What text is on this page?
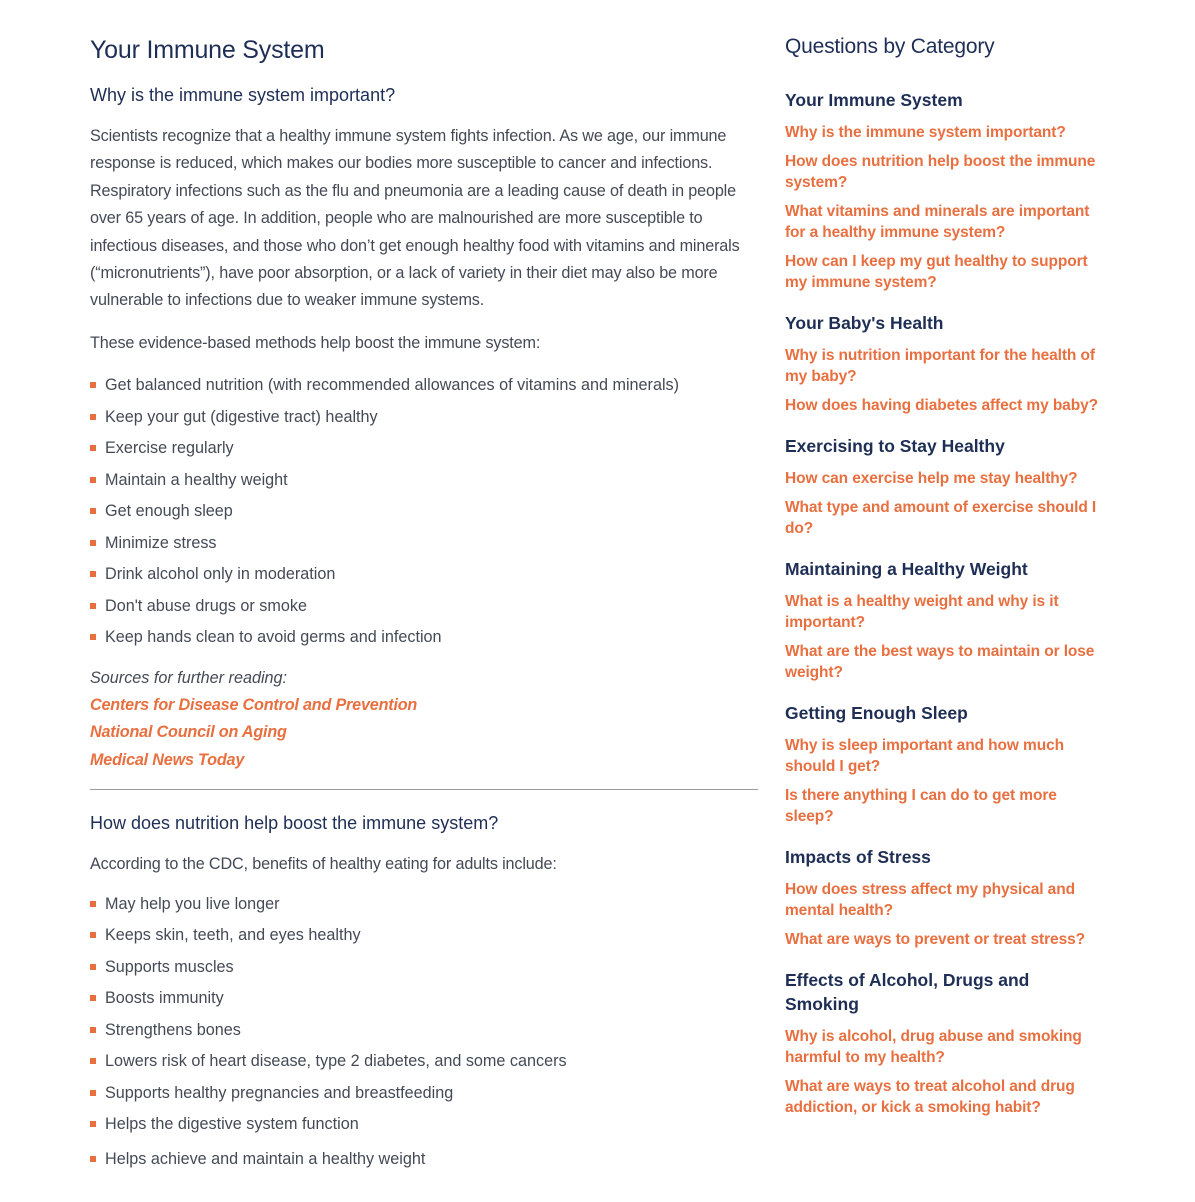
Your Immune System
Why is the immune system important?

Scientists recognize that a healthy immune system fights infection. As we age, our immune response is reduced, which makes our bodies more susceptible to cancer and infections. Respiratory infections such as the flu and pneumonia are a leading cause of death in people over 65 years of age. In addition, people who are malnourished are more susceptible to infectious diseases, and those who don’t get enough healthy food with vitamins and minerals (“micronutrients”), have poor absorption, or a lack of variety in their diet may also be more vulnerable to infections due to weaker immune systems.

These evidence-based methods help boost the immune system:

Get balanced nutrition (with recommended allowances of vitamins and minerals)
Keep your gut (digestive tract) healthy
Exercise regularly
Maintain a healthy weight
Get enough sleep
Minimize stress
Drink alcohol only in moderation
Don't abuse drugs or smoke
Keep hands clean to avoid germs and infection

Sources for further reading:

Centers for Disease Control and Prevention
National Council on Aging
Medical News Today
How does nutrition help boost the immune system?

According to the CDC, benefits of healthy eating for adults include:

May help you live longer
Keeps skin, teeth, and eyes healthy
Supports muscles
Boosts immunity
Strengthens bones
Lowers risk of heart disease, type 2 diabetes, and some cancers
Supports healthy pregnancies and breastfeeding
Helps the digestive system function
Helps achieve and maintain a healthy weight
Questions by Category
Your Immune System
Why is the immune system important?
How does nutrition help boost the immune system?
What vitamins and minerals are important for a healthy immune system?
How can I keep my gut healthy to support my immune system?
Your Baby's Health
Why is nutrition important for the health of my baby?
How does having diabetes affect my baby?
Exercising to Stay Healthy
How can exercise help me stay healthy?
What type and amount of exercise should I do?
Maintaining a Healthy Weight
What is a healthy weight and why is it important?
What are the best ways to maintain or lose weight?
Getting Enough Sleep
Why is sleep important and how much should I get?
Is there anything I can do to get more sleep?
Impacts of Stress
How does stress affect my physical and mental health?
What are ways to prevent or treat stress?
Effects of Alcohol, Drugs and Smoking
Why is alcohol, drug abuse and smoking harmful to my health?
What are ways to treat alcohol and drug addiction, or kick a smoking habit?
